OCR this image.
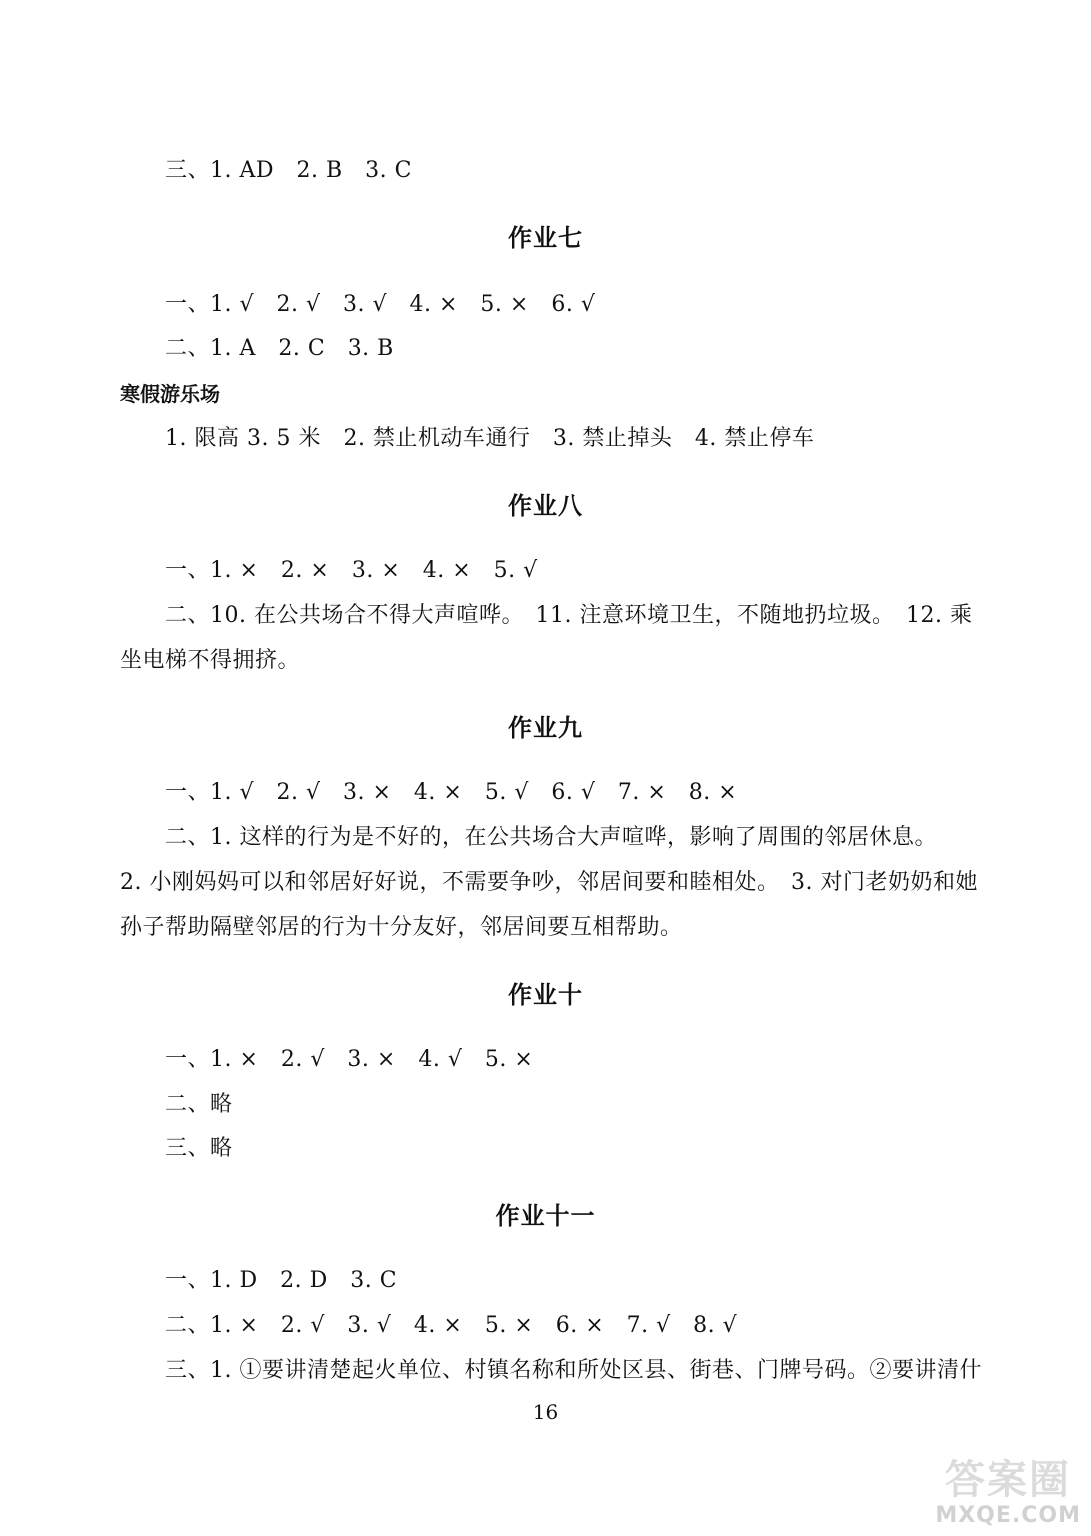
三、1. AD　2. B　3. C
作业七
一、1. √　2. √　3. √　4. ×　5. ×　6. √
二、1. A　2. C　3. B
寒假游乐场
1. 限高 3. 5 米　2. 禁止机动车通行　3. 禁止掉头　4. 禁止停车
作业八
一、1. ×　2. ×　3. ×　4. ×　5. √
二、10. 在公共场合不得大声喧哗。　11. 注意环境卫生，不随地扔垃圾。　12. 乘
坐电梯不得拥挤。
作业九
一、1. √　2. √　3. ×　4. ×　5. √　6. √　7. ×　8. ×
二、1. 这样的行为是不好的，在公共场合大声喧哗，影响了周围的邻居休息。
2. 小刚妈妈可以和邻居好好说，不需要争吵，邻居间要和睦相处。　3. 对门老奶奶和她
孙子帮助隔壁邻居的行为十分友好，邻居间要互相帮助。
作业十
一、1. ×　2. √　3. ×　4. √　5. ×
二、略
三、略
作业十一
一、1. D　2. D　3. C
二、1. ×　2. √　3. √　4. ×　5. ×　6. ×　7. √　8. √
三、1. ①要讲清楚起火单位、村镇名称和所处区县、街巷、门牌号码。②要讲清什
16
答案圈
MXQE.COM
